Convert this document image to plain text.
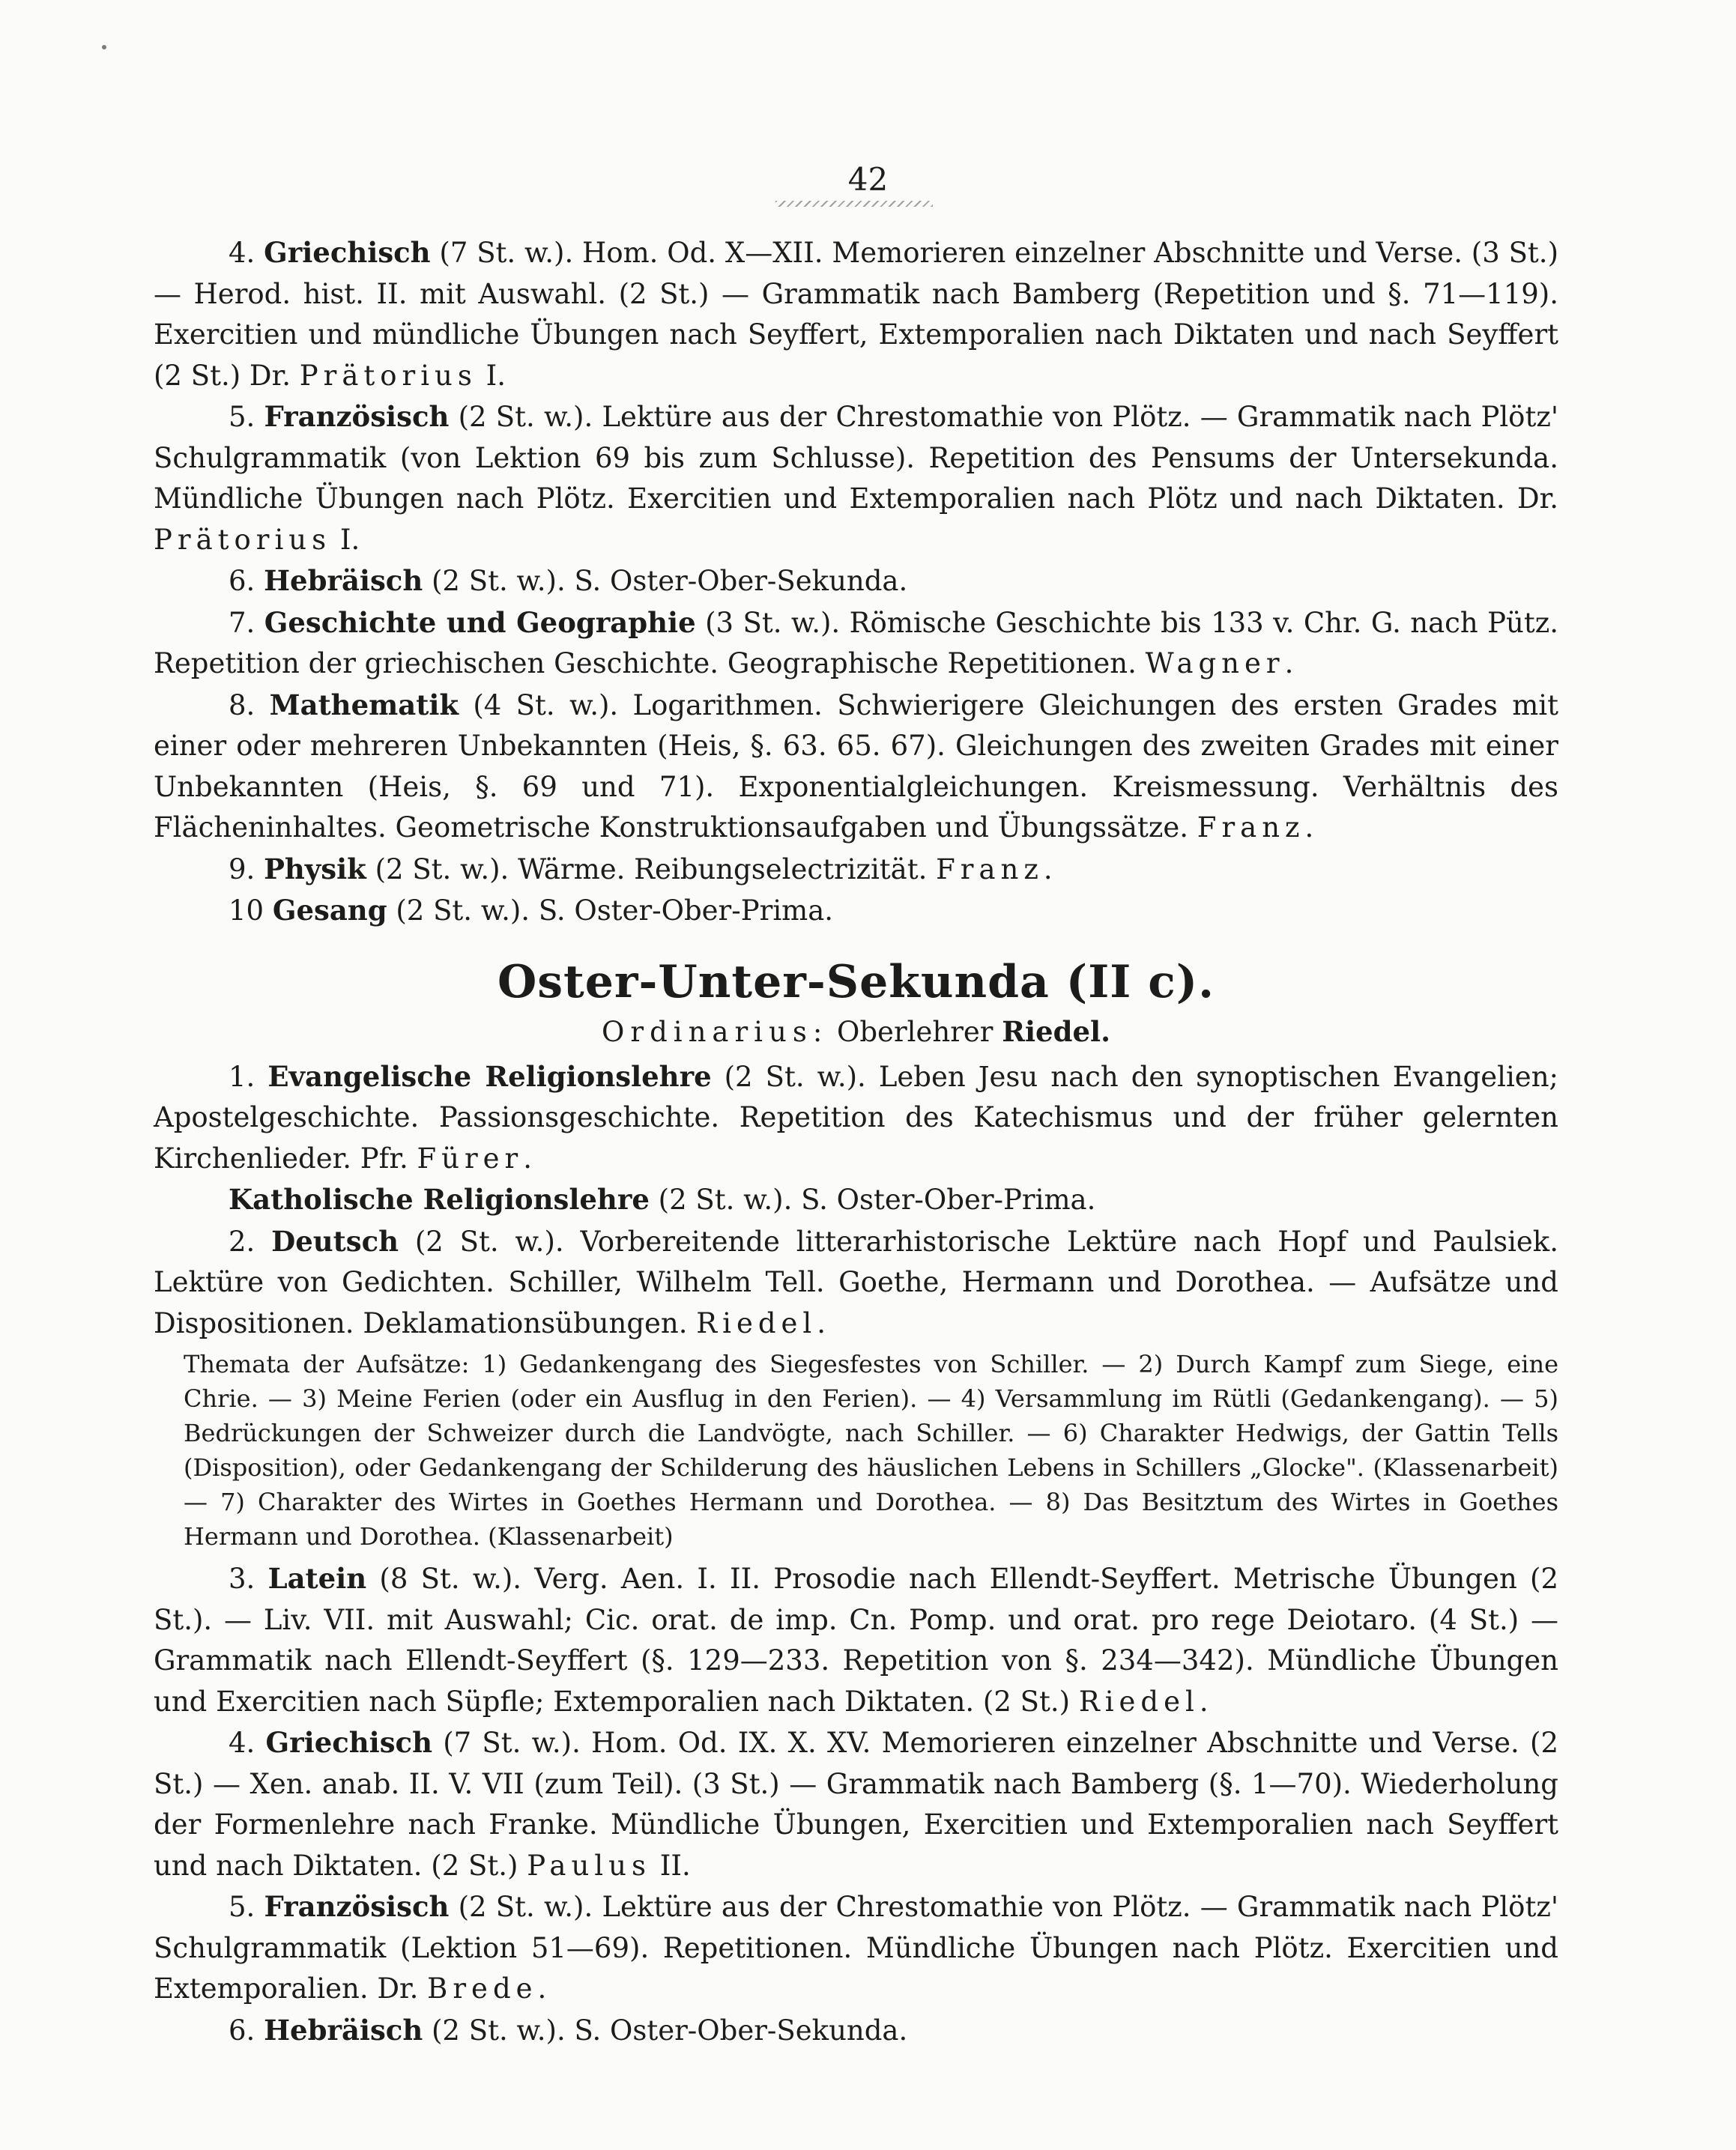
42

4. Griechisch (7 St. w.). Hom. Od. X—XII. Memorieren einzelner Abschnitte und Verse. (3 St.) — Herod. hist. II. mit Auswahl. (2 St.) — Grammatik nach Bamberg (Repetition und §. 71—119). Exercitien und mündliche Übungen nach Seyffert, Extemporalien nach Diktaten und nach Seyffert (2 St.) Dr. Prätorius I.

5. Französisch (2 St. w.). Lektüre aus der Chrestomathie von Plötz. — Grammatik nach Plötz' Schulgrammatik (von Lektion 69 bis zum Schlusse). Repetition des Pensums der Untersekunda. Mündliche Übungen nach Plötz. Exercitien und Extemporalien nach Plötz und nach Diktaten. Dr. Prätorius I.

6. Hebräisch (2 St. w.). S. Oster-Ober-Sekunda.

7. Geschichte und Geographie (3 St. w.). Römische Geschichte bis 133 v. Chr. G. nach Pütz. Repetition der griechischen Geschichte. Geographische Repetitionen. Wagner.

8. Mathematik (4 St. w.). Logarithmen. Schwierigere Gleichungen des ersten Grades mit einer oder mehreren Unbekannten (Heis, §. 63. 65. 67). Gleichungen des zweiten Grades mit einer Unbekannten (Heis, §. 69 und 71). Exponentialgleichungen. Kreismessung. Verhältnis des Flächeninhaltes. Geometrische Konstruktionsaufgaben und Übungssätze. Franz.

9. Physik (2 St. w.). Wärme. Reibungselectrizität. Franz.

10 Gesang (2 St. w.). S. Oster-Ober-Prima.

Oster-Unter-Sekunda (II c).
Ordinarius: Oberlehrer Riedel.

1. Evangelische Religionslehre (2 St. w.). Leben Jesu nach den synoptischen Evangelien; Apostelgeschichte. Passionsgeschichte. Repetition des Katechismus und der früher gelernten Kirchenlieder. Pfr. Fürer.

Katholische Religionslehre (2 St. w.). S. Oster-Ober-Prima.

2. Deutsch (2 St. w.). Vorbereitende litterarhistorische Lektüre nach Hopf und Paulsiek. Lektüre von Gedichten. Schiller, Wilhelm Tell. Goethe, Hermann und Dorothea. — Aufsätze und Dispositionen. Deklamationsübungen. Riedel.

Themata der Aufsätze: 1) Gedankengang des Siegesfestes von Schiller. — 2) Durch Kampf zum Siege, eine Chrie. — 3) Meine Ferien (oder ein Ausflug in den Ferien). — 4) Versammlung im Rütli (Gedankengang). — 5) Bedrückungen der Schweizer durch die Landvögte, nach Schiller. — 6) Charakter Hedwigs, der Gattin Tells (Disposition), oder Gedankengang der Schilderung des häuslichen Lebens in Schillers „Glocke". (Klassenarbeit) — 7) Charakter des Wirtes in Goethes Hermann und Dorothea. — 8) Das Besitztum des Wirtes in Goethes Hermann und Dorothea. (Klassenarbeit)

3. Latein (8 St. w.). Verg. Aen. I. II. Prosodie nach Ellendt-Seyffert. Metrische Übungen (2 St.). — Liv. VII. mit Auswahl; Cic. orat. de imp. Cn. Pomp. und orat. pro rege Deiotaro. (4 St.) — Grammatik nach Ellendt-Seyffert (§. 129—233. Repetition von §. 234—342). Mündliche Übungen und Exercitien nach Süpfle; Extemporalien nach Diktaten. (2 St.) Riedel.

4. Griechisch (7 St. w.). Hom. Od. IX. X. XV. Memorieren einzelner Abschnitte und Verse. (2 St.) — Xen. anab. II. V. VII (zum Teil). (3 St.) — Grammatik nach Bamberg (§. 1—70). Wiederholung der Formenlehre nach Franke. Mündliche Übungen, Exercitien und Extemporalien nach Seyffert und nach Diktaten. (2 St.) Paulus II.

5. Französisch (2 St. w.). Lektüre aus der Chrestomathie von Plötz. — Grammatik nach Plötz' Schulgrammatik (Lektion 51—69). Repetitionen. Mündliche Übungen nach Plötz. Exercitien und Extemporalien. Dr. Brede.

6. Hebräisch (2 St. w.). S. Oster-Ober-Sekunda.
